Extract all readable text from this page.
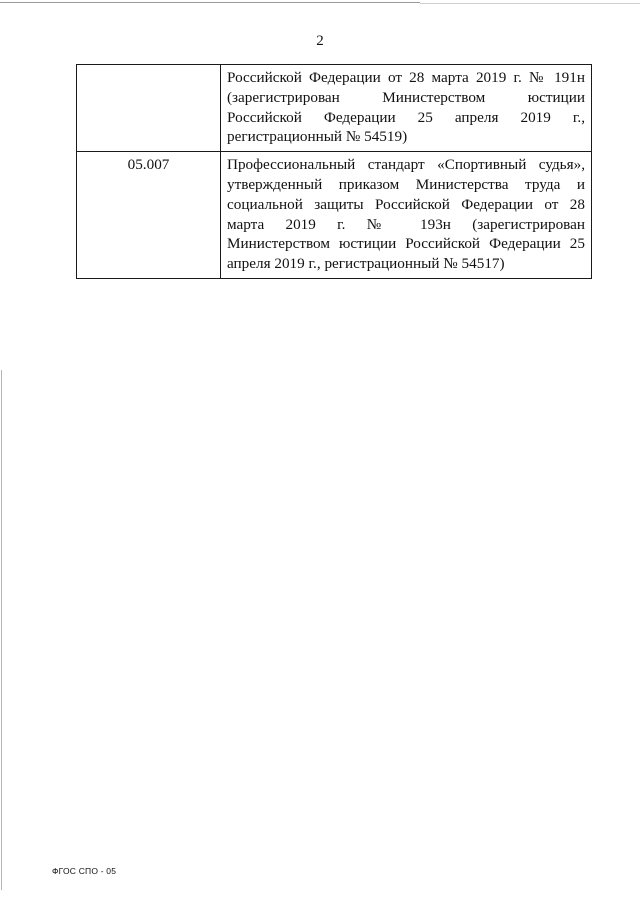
2
	Российской Федерации от 28 марта 2019 г. № 191н (зарегистрирован Министерством юстиции Российской Федерации 25 апреля 2019 г., регистрационный № 54519)
05.007	Профессиональный стандарт «Спортивный судья», утвержденный приказом Министерства труда и социальной защиты Российской Федерации от 28 марта 2019 г. № 193н (зарегистрирован Министерством юстиции Российской Федерации 25 апреля 2019 г., регистрационный № 54517)
ФГОС СПО - 05
